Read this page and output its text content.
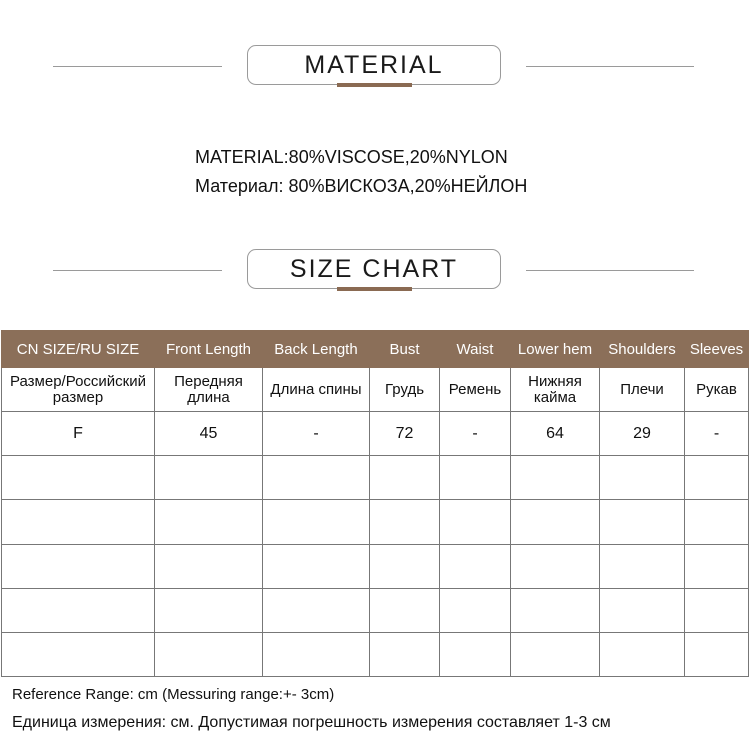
MATERIAL
MATERIAL:80%VISCOSE,20%NYLON
Материал: 80%ВИСКОЗА,20%НЕЙЛОН
SIZE CHART
CN SIZE/RU SIZE	Front Length	Back Length	Bust	Waist	Lower hem	Shoulders	Sleeves
Размер/Российский размер	Передняя длина	Длина спины	Грудь	Ремень	Нижняя кайма	Плечи	Рукав
F	45	-	72	-	64	29	-

Reference Range: cm (Messuring range:+- 3cm)
Единица измерения: см. Допустимая погрешность измерения составляет 1-3 см
